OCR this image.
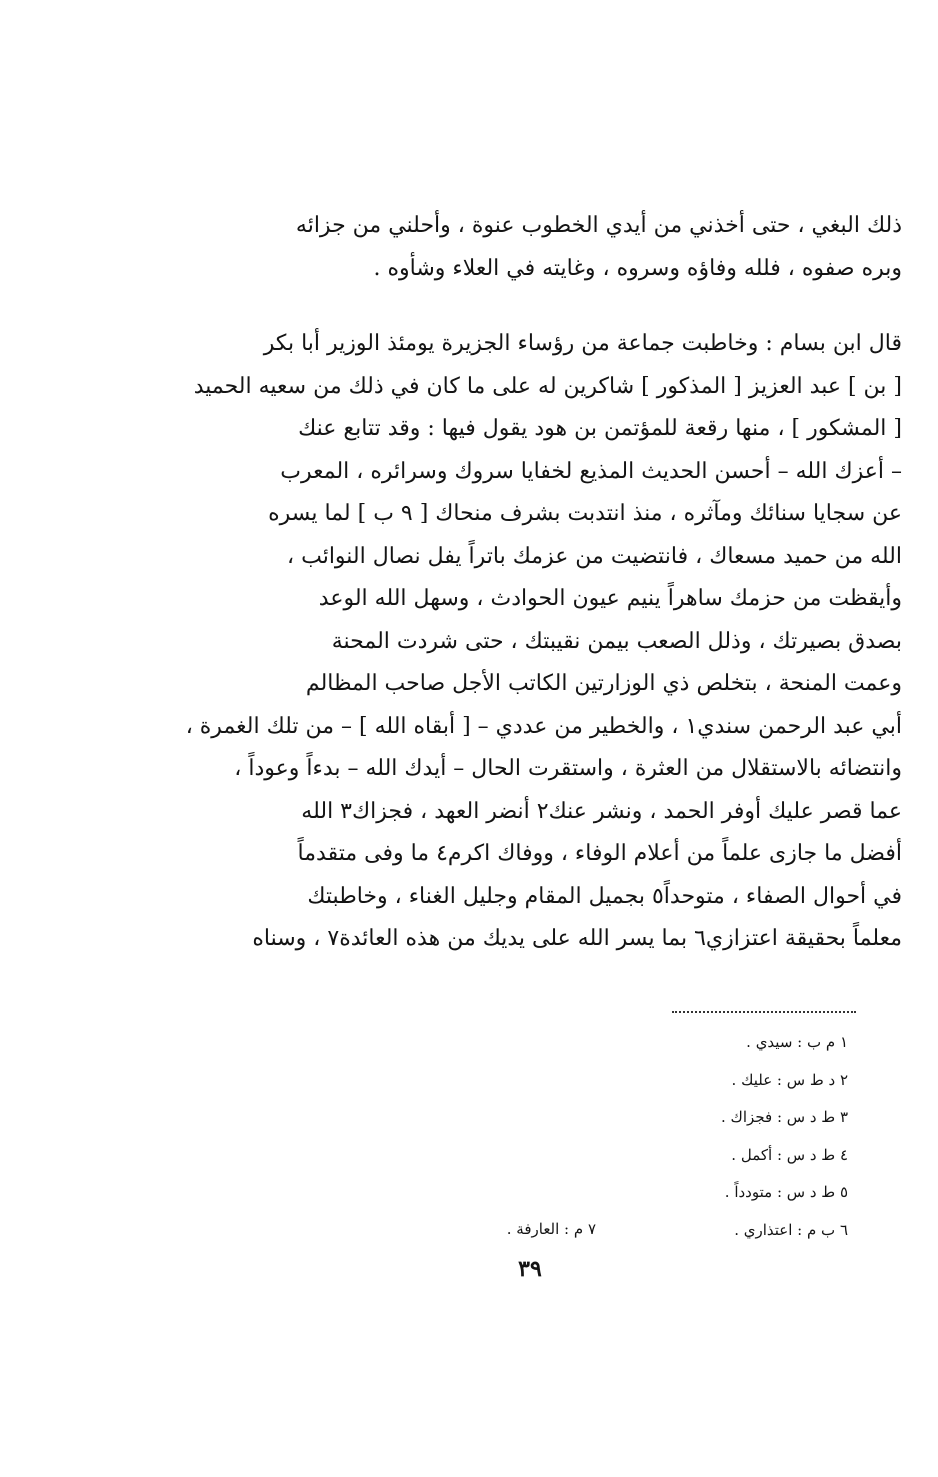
ذلك البغي ، حتى أخذني من أيدي الخطوب عنوة ، وأحلني من جزائه
وبره صفوه ، فلله وفاؤه وسروه ، وغايته في العلاء وشأوه .
قال ابن بسام : وخاطبت جماعة من رؤساء الجزيرة يومئذ الوزير أبا بكر
[ بن ] عبد العزيز [ المذكور ] شاكرين له على ما كان في ذلك من سعيه الحميد
[ المشكور ] ، منها رقعة للمؤتمن بن هود يقول فيها : وقد تتابع عنك
– أعزك الله – أحسن الحديث المذيع لخفايا سروك وسرائره ، المعرب
عن سجايا سنائك ومآثره ، منذ انتدبت بشرف منحاك [ ٩ ب ] لما يسره
الله من حميد مسعاك ، فانتضيت من عزمك باتراً يفل نصال النوائب ،
وأيقظت من حزمك ساهراً ينيم عيون الحوادث ، وسهل الله الوعد
بصدق بصيرتك ، وذلل الصعب بيمن نقيبتك ، حتى شردت المحنة
وعمت المنحة ، بتخلص ذي الوزارتين الكاتب الأجل صاحب المظالم
أبي عبد الرحمن سندي١ ، والخطير من عددي – [ أبقاه الله ] – من تلك الغمرة ،
وانتضائه بالاستقلال من العثرة ، واستقرت الحال – أيدك الله – بدءاً وعوداً ،
عما قصر عليك أوفر الحمد ، ونشر عنك٢ أنضر العهد ، فجزاك٣ الله
أفضل ما جازى علماً من أعلام الوفاء ، ووفاك اكرم٤ ما وفى متقدماً
في أحوال الصفاء ، متوحداً٥ بجميل المقام وجليل الغناء ، وخاطبتك
معلماً بحقيقة اعتزازي٦ بما يسر الله على يديك من هذه العائدة٧ ، وسناه
١ م ب : سيدي .
٢ د ط س : عليك .
٣ ط د س : فجزاك .
٤ ط د س : أكمل .
٥ ط د س : متودداً .
٦ ب م : اعتذاري .
٧ م : العارفة .
٣٩
